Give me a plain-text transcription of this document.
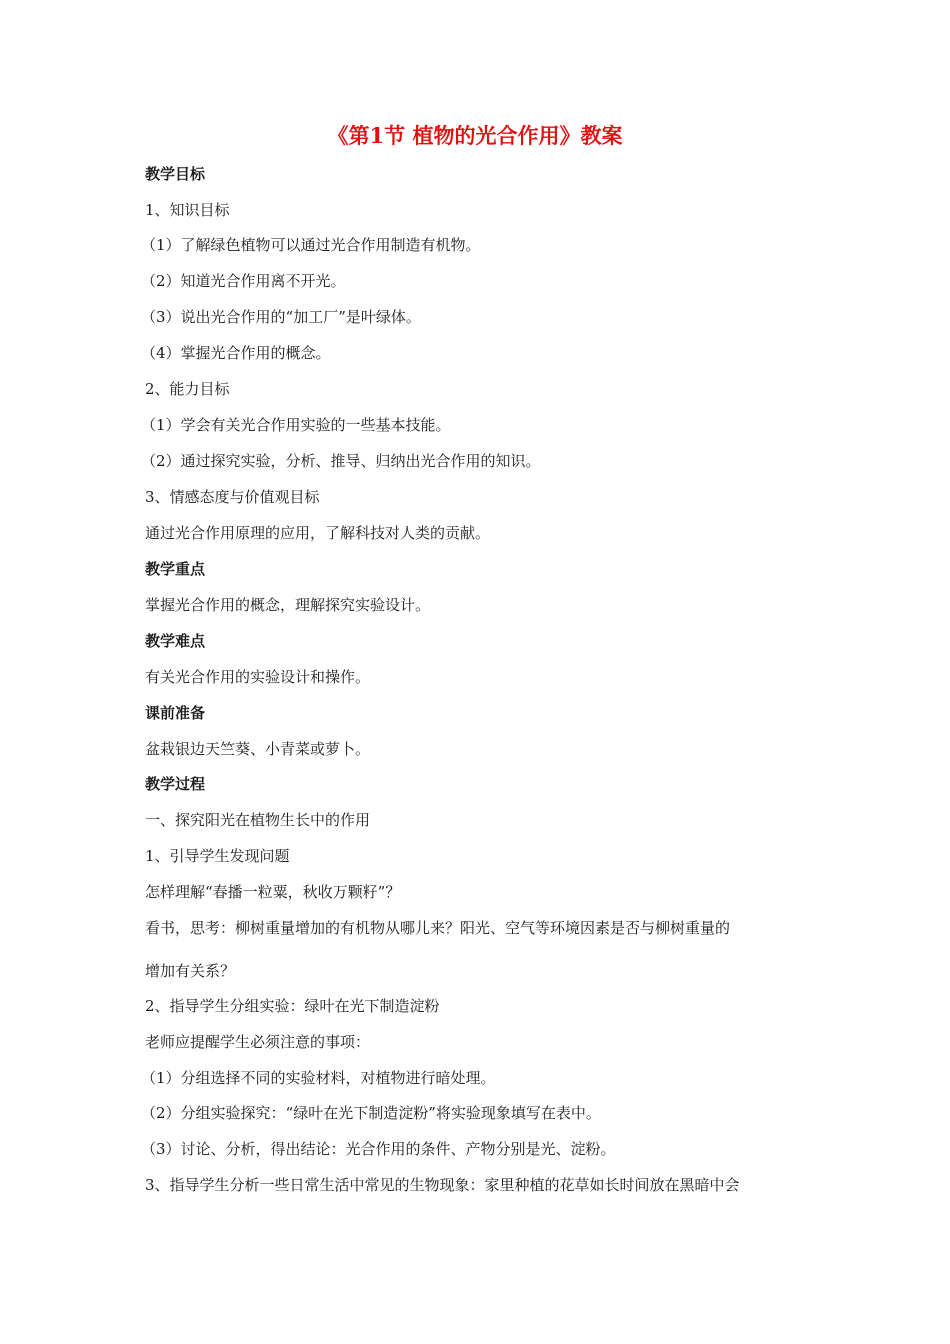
《第1节 植物的光合作用》教案
教学目标
1、知识目标
（1）了解绿色植物可以通过光合作用制造有机物。
（2）知道光合作用离不开光。
（3）说出光合作用的“加工厂”是叶绿体。
（4）掌握光合作用的概念。
2、能力目标
（1）学会有关光合作用实验的一些基本技能。
（2）通过探究实验，分析、推导、归纳出光合作用的知识。
3、情感态度与价值观目标
通过光合作用原理的应用，了解科技对人类的贡献。
教学重点
掌握光合作用的概念，理解探究实验设计。
教学难点
有关光合作用的实验设计和操作。
课前准备
盆栽银边天竺葵、小青菜或萝卜。
教学过程
一、探究阳光在植物生长中的作用
1、引导学生发现问题
怎样理解“春播一粒粟，秋收万颗籽”？
看书，思考：柳树重量增加的有机物从哪儿来？阳光、空气等环境因素是否与柳树重量的
增加有关系？
2、指导学生分组实验：绿叶在光下制造淀粉
老师应提醒学生必须注意的事项：
（1）分组选择不同的实验材料，对植物进行暗处理。
（2）分组实验探究：“绿叶在光下制造淀粉”将实验现象填写在表中。
（3）讨论、分析，得出结论：光合作用的条件、产物分别是光、淀粉。
3、指导学生分析一些日常生活中常见的生物现象：家里种植的花草如长时间放在黑暗中会
